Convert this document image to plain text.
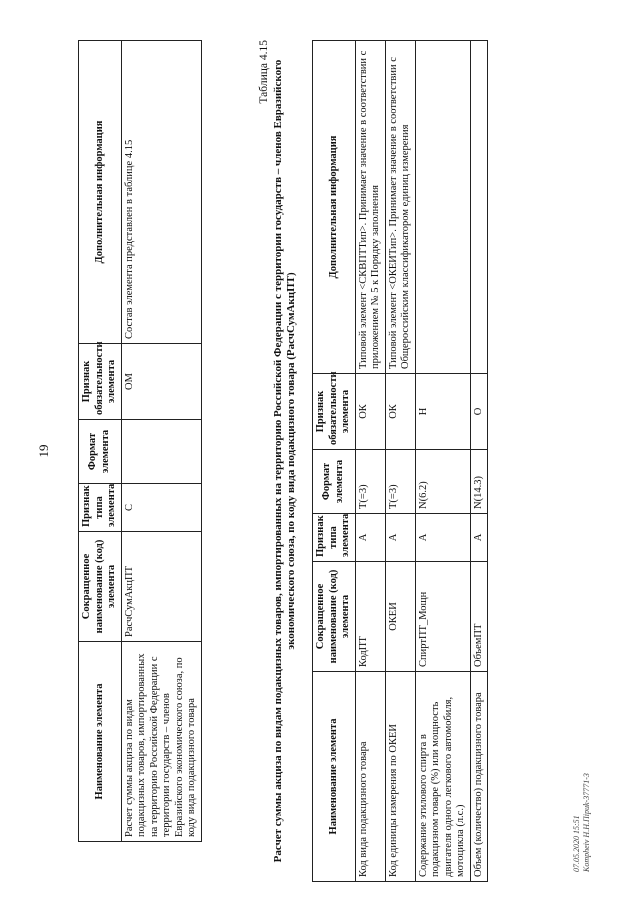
19
Наименование элемента	Сокращенное наименование (код) элемента	Признак типа элемента	Формат элемента	Признак обязательности элемента	Дополнительная информация
Расчет суммы акциза по видам подакцизных товаров, импортированных на территорию Российской Федерации с территории государств – членов Евразийского экономического союза, по коду вида подакцизного товара	РасчСумАкцПТ	С		ОМ	Состав элемента представлен в таблице 4.15
Таблица 4.15 Расчет суммы акциза по видам подакцизных товаров, импортированных на территорию Российской Федерации с территории государств – членов Евразийского экономического союза, по коду вида подакцизного товара (РасчСумАкцПТ)
Наименование элемента	Сокращенное наименование (код) элемента	Признак типа элемента	Формат элемента	Признак обязательности элемента	Дополнительная информация
Код вида подакцизного товара	КодПТ	А	T(=3)	ОК	Типовой элемент <СКВПТТип>. Принимает значение в соответствии с приложением № 5 к Порядку заполнения
Код единицы измерения по ОКЕИ	ОКЕИ	А	T(=3)	ОК	Типовой элемент <ОКЕИТип>. Принимает значение в соответствии с Общероссийским классификатором единиц измерения
Содержание этилового спирта в подакцизном товаре (%) или мощность двигателя одного легкового автомобиля, мотоцикла (л.с.)	СпиртПТ_Мощн	А	N(6.2)	Н	
Объем (количество) подакцизного товара	ОбъемПТ	А	N(14.3)	О	
07.05.2020 15:51 Kompheiv Н.Н.Пiриk-37771-3
